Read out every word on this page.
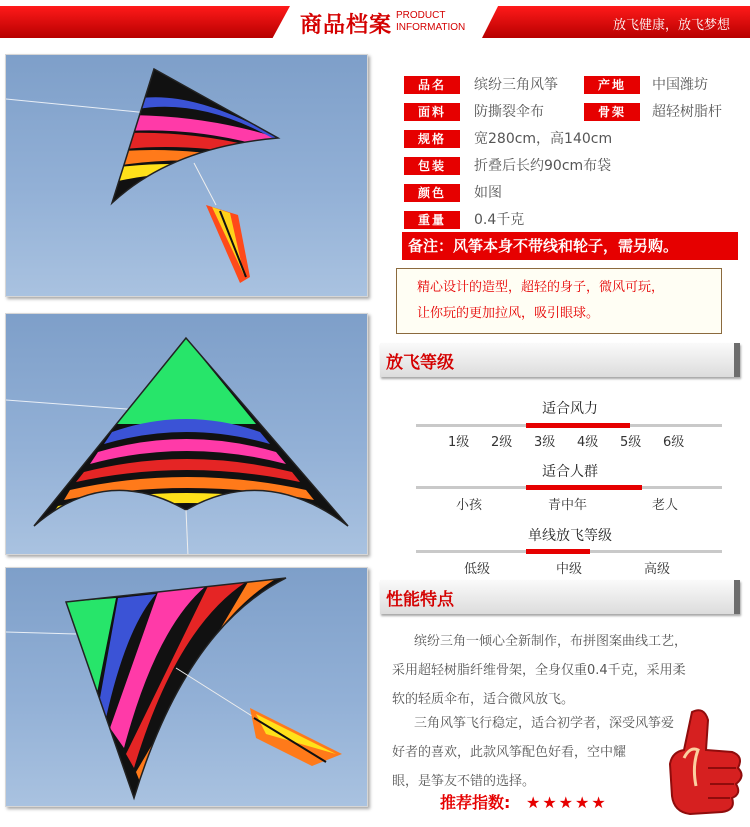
商品档案 PRODUCT
INFORMATION	放飞健康，放飞梦想
品名	缤纷三角风筝	产地	中国潍坊
面料	防撕裂伞布	骨架	超轻树脂杆
规格	宽280cm，高140cm
包装	折叠后长约90cm布袋
颜色	如图
重量	0.4千克
备注：风筝本身不带线和轮子，需另购。
精心设计的造型，超轻的身子，微风可玩，
让你玩的更加拉风，吸引眼球。
放飞等级
适合风力
1级 2级 3级 4级 5级 6级
适合人群
小孩	青中年	老人
单线放飞等级
低级	中级	高级
性能特点
缤纷三角一倾心全新制作，布拼图案曲线工艺，
采用超轻树脂纤维骨架，全身仅重0.4千克，采用柔
软的轻质伞布，适合微风放飞。
三角风筝飞行稳定，适合初学者，深受风筝爱
好者的喜欢，此款风筝配色好看，空中耀
眼，是筝友不错的选择。
推荐指数: ★★★★★
